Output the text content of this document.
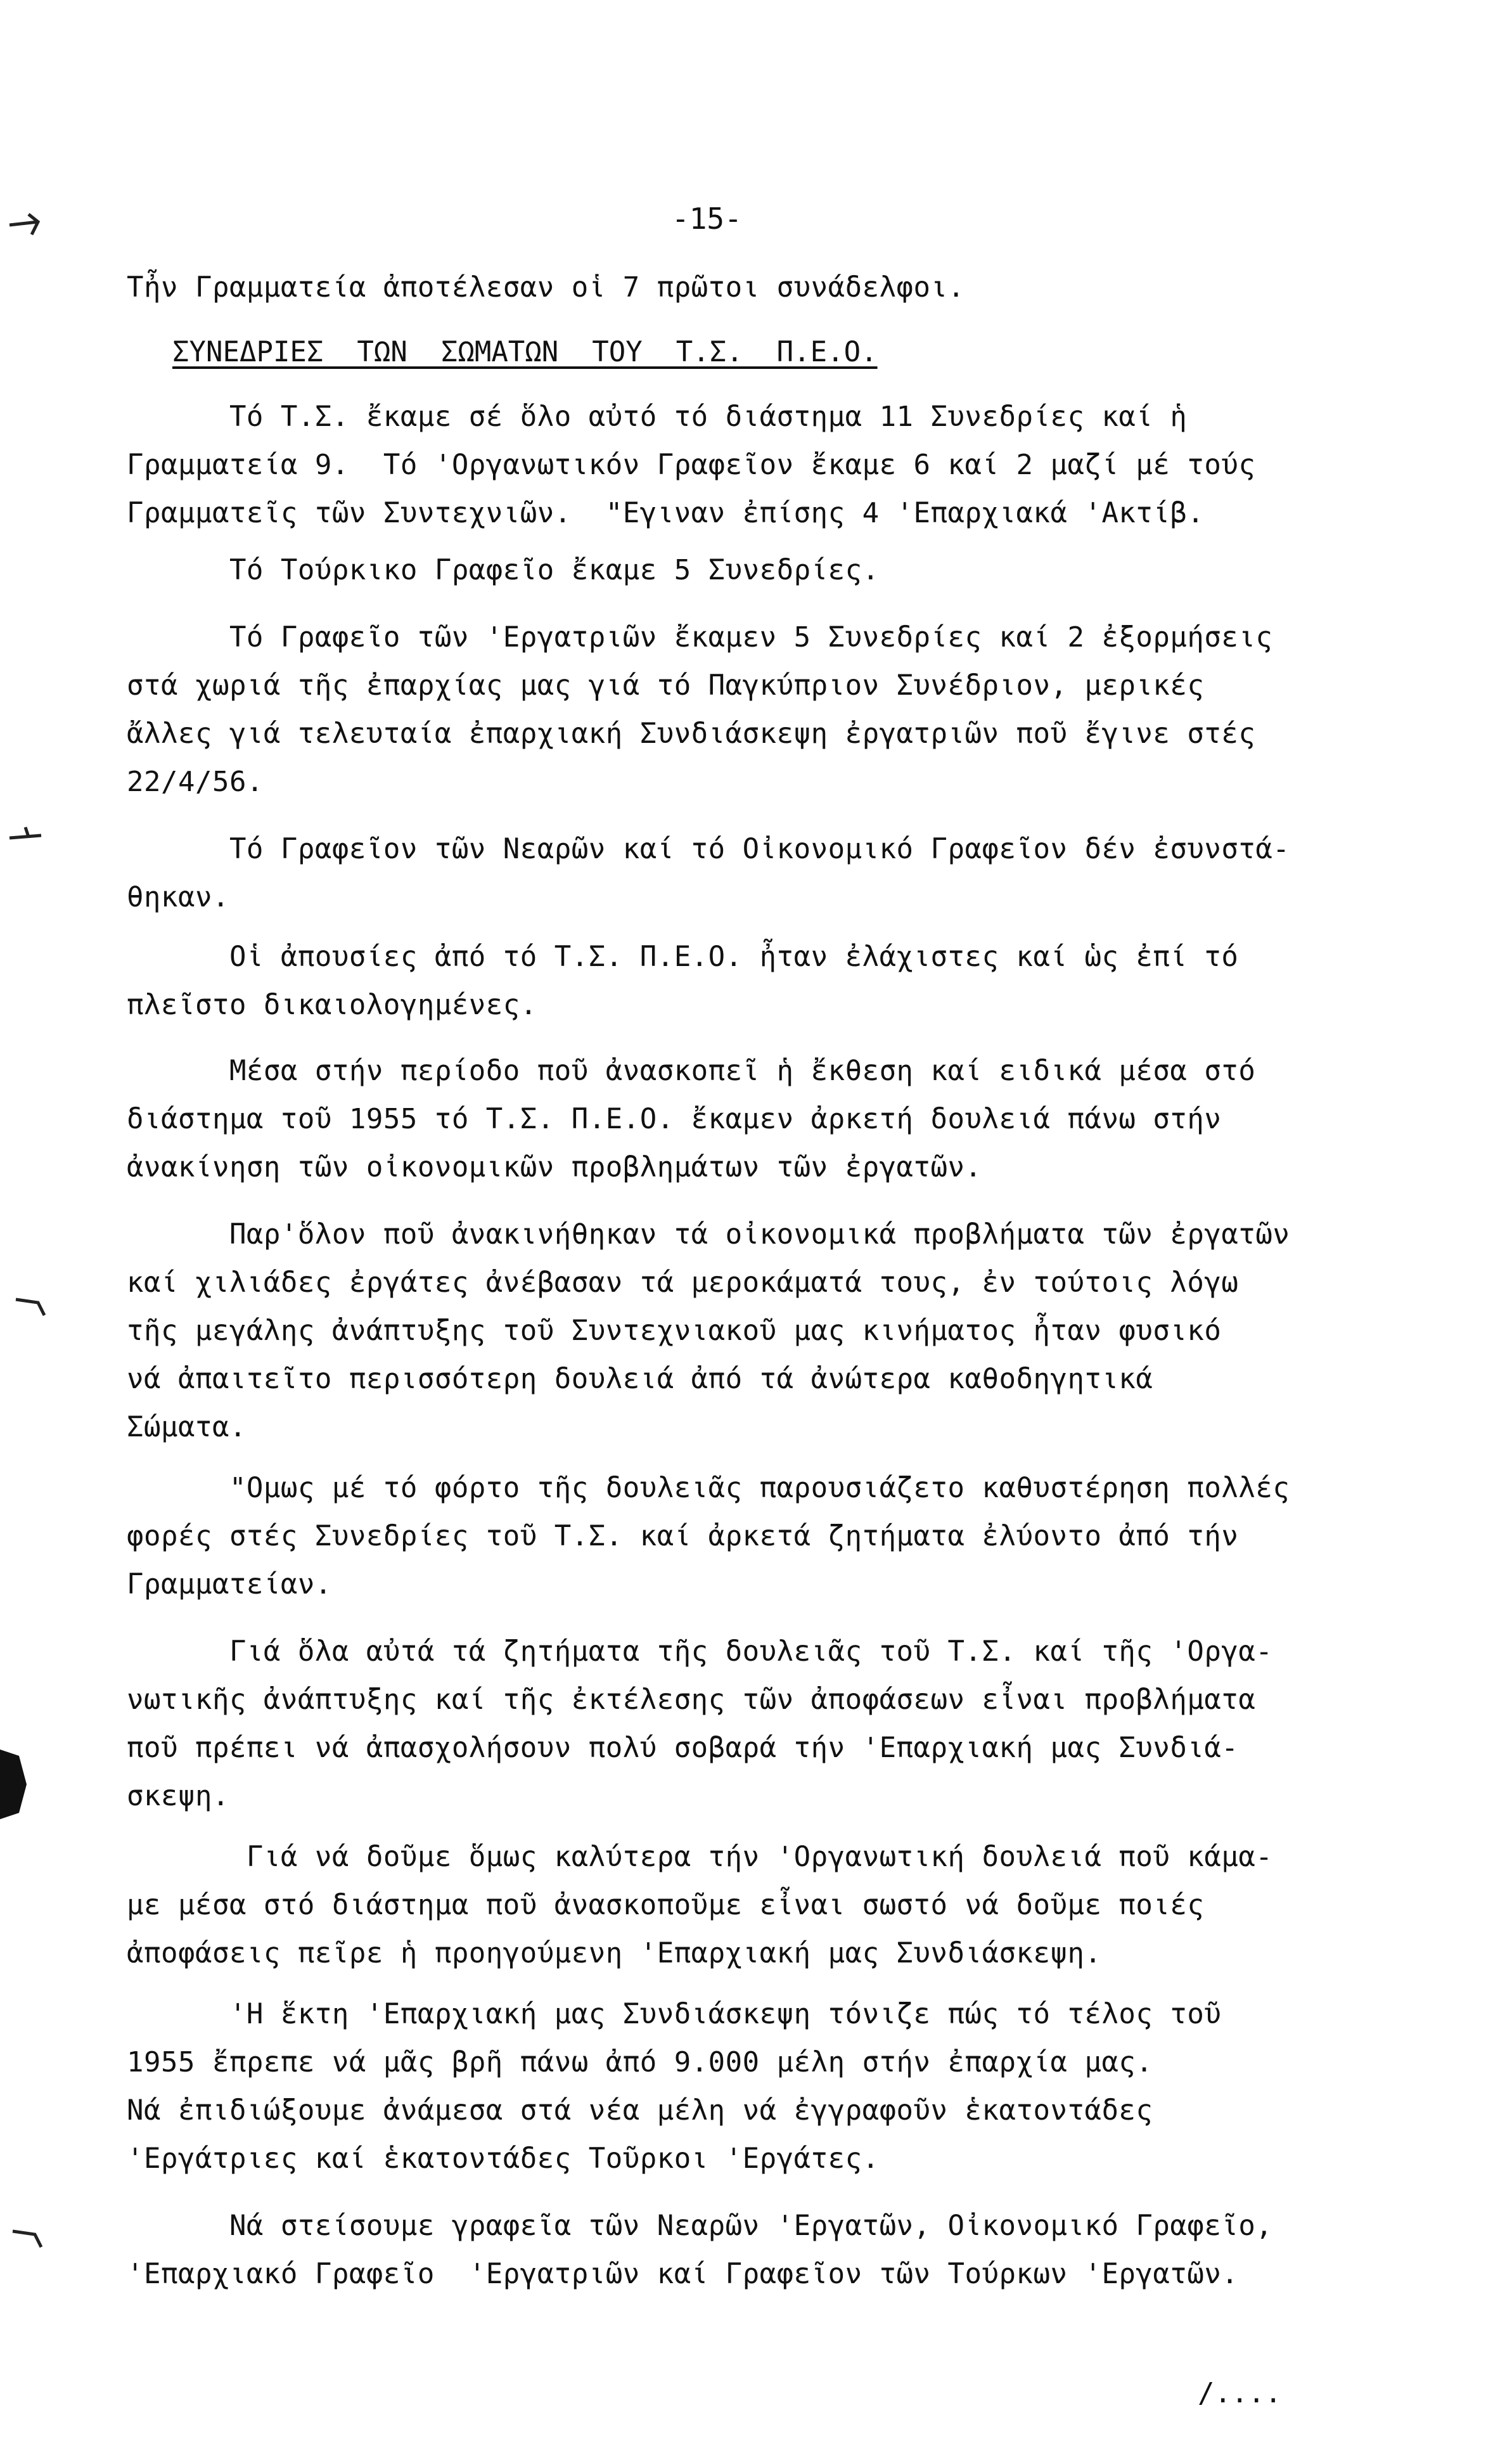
-15-
Τἦν Γραμματεία ἀποτέλεσαν οἱ 7 πρῶτοι συνάδελφοι.
ΣΥΝΕΔΡΙΕΣ  ΤΩΝ  ΣΩΜΑΤΩΝ  ΤΟΥ  Τ.Σ.  Π.Ε.Ο.
Τό Τ.Σ. ἔκαμε σέ ὅλο αὐτό τό διάστημα 11 Συνεδρίες καί ἡ
Γραμματεία 9.  Τό 'Οργανωτικόν Γραφεῖον ἔκαμε 6 καί 2 μαζί μέ τούς
Γραμματεῖς τῶν Συντεχνιῶν.  "Εγιναν ἐπίσης 4 'Επαρχιακά 'Ακτίβ.
Τό Τούρκικο Γραφεῖο ἔκαμε 5 Συνεδρίες.
Τό Γραφεῖο τῶν 'Εργατριῶν ἔκαμεν 5 Συνεδρίες καί 2 ἐξορμήσεις
στά χωριά τῆς ἐπαρχίας μας γιά τό Παγκύπριον Συνέδριον, μερικές
ἄλλες γιά τελευταία ἐπαρχιακή Συνδιάσκεψη ἐργατριῶν ποῦ ἔγινε στές
22/4/56.
Τό Γραφεῖον τῶν Νεαρῶν καί τό Οἰκονομικό Γραφεῖον δέν ἐσυνστά-
θηκαν.
Οἱ ἀπουσίες ἀπό τό Τ.Σ. Π.Ε.Ο. ἦταν ἐλάχιστες καί ὡς ἐπί τό
πλεῖστο δικαιολογημένες.
Μέσα στήν περίοδο ποῦ ἀνασκοπεῖ ἡ ἔκθεση καί ειδικά μέσα στό
διάστημα τοῦ 1955 τό Τ.Σ. Π.Ε.Ο. ἔκαμεν ἀρκετή δουλειά πάνω στήν
ἀνακίνηση τῶν οἰκονομικῶν προβλημάτων τῶν ἐργατῶν.
Παρ'ὅλον ποῦ ἀνακινήθηκαν τά οἰκονομικά προβλήματα τῶν ἐργατῶν
καί χιλιάδες ἐργάτες ἀνέβασαν τά μεροκάματά τους, ἐν τούτοις λόγω
τῆς μεγάλης ἀνάπτυξης τοῦ Συντεχνιακοῦ μας κινήματος ἦταν φυσικό
νά ἀπαιτεῖτο περισσότερη δουλειά ἀπό τά ἀνώτερα καθοδηγητικά
Σώματα.
"Ομως μέ τό φόρτο τῆς δουλειᾶς παρουσιάζετο καθυστέρηση πολλές
φορές στές Συνεδρίες τοῦ Τ.Σ. καί ἀρκετά ζητήματα ἐλύοντο ἀπό τήν
Γραμματείαν.
Γιά ὅλα αὐτά τά ζητήματα τῆς δουλειᾶς τοῦ Τ.Σ. καί τῆς 'Οργα-
νωτικῆς ἀνάπτυξης καί τῆς ἐκτέλεσης τῶν ἀποφάσεων εἶναι προβλήματα
ποῦ πρέπει νά ἀπασχολήσουν πολύ σοβαρά τήν 'Επαρχιακή μας Συνδιά-
σκεψη.
Γιά νά δοῦμε ὅμως καλύτερα τήν 'Οργανωτική δουλειά ποῦ κάμα-
με μέσα στό διάστημα ποῦ ἀνασκοποῦμε εἶναι σωστό νά δοῦμε ποιές
ἀποφάσεις πεῖρε ἡ προηγούμενη 'Επαρχιακή μας Συνδιάσκεψη.
'Η ἕκτη 'Επαρχιακή μας Συνδιάσκεψη τόνιζε πώς τό τέλος τοῦ
1955 ἔπρεπε νά μᾶς βρῆ πάνω ἀπό 9.000 μέλη στήν ἐπαρχία μας.
Νά ἐπιδιώξουμε ἀνάμεσα στά νέα μέλη νά ἐγγραφοῦν ἑκατοντάδες
'Εργάτριες καί ἑκατοντάδες Τοῦρκοι 'Εργάτες.
Νά στείσουμε γραφεῖα τῶν Νεαρῶν 'Εργατῶν, Οἰκονομικό Γραφεῖο,
'Επαρχιακό Γραφεῖο  'Εργατριῶν καί Γραφεῖον τῶν Τούρκων 'Εργατῶν.
/....
